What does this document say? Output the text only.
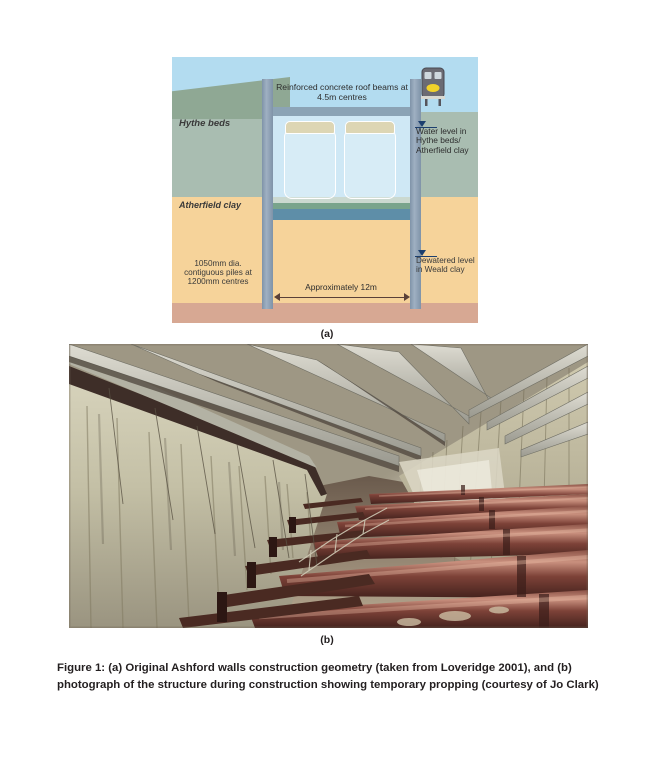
Hythe beds
Atherfield clay
Reinforced concrete roof beams at 4.5m centres
Water level in Hythe beds/ Atherfield clay
1050mm dia. contiguous piles at 1200mm centres
Dewatered level in Weald clay
Approximately 12m
(a)
(b)
Figure 1: (a) Original Ashford walls construction geometry (taken from Loveridge 2001), and (b) photograph of the structure during construction showing temporary propping (courtesy of Jo Clark)
